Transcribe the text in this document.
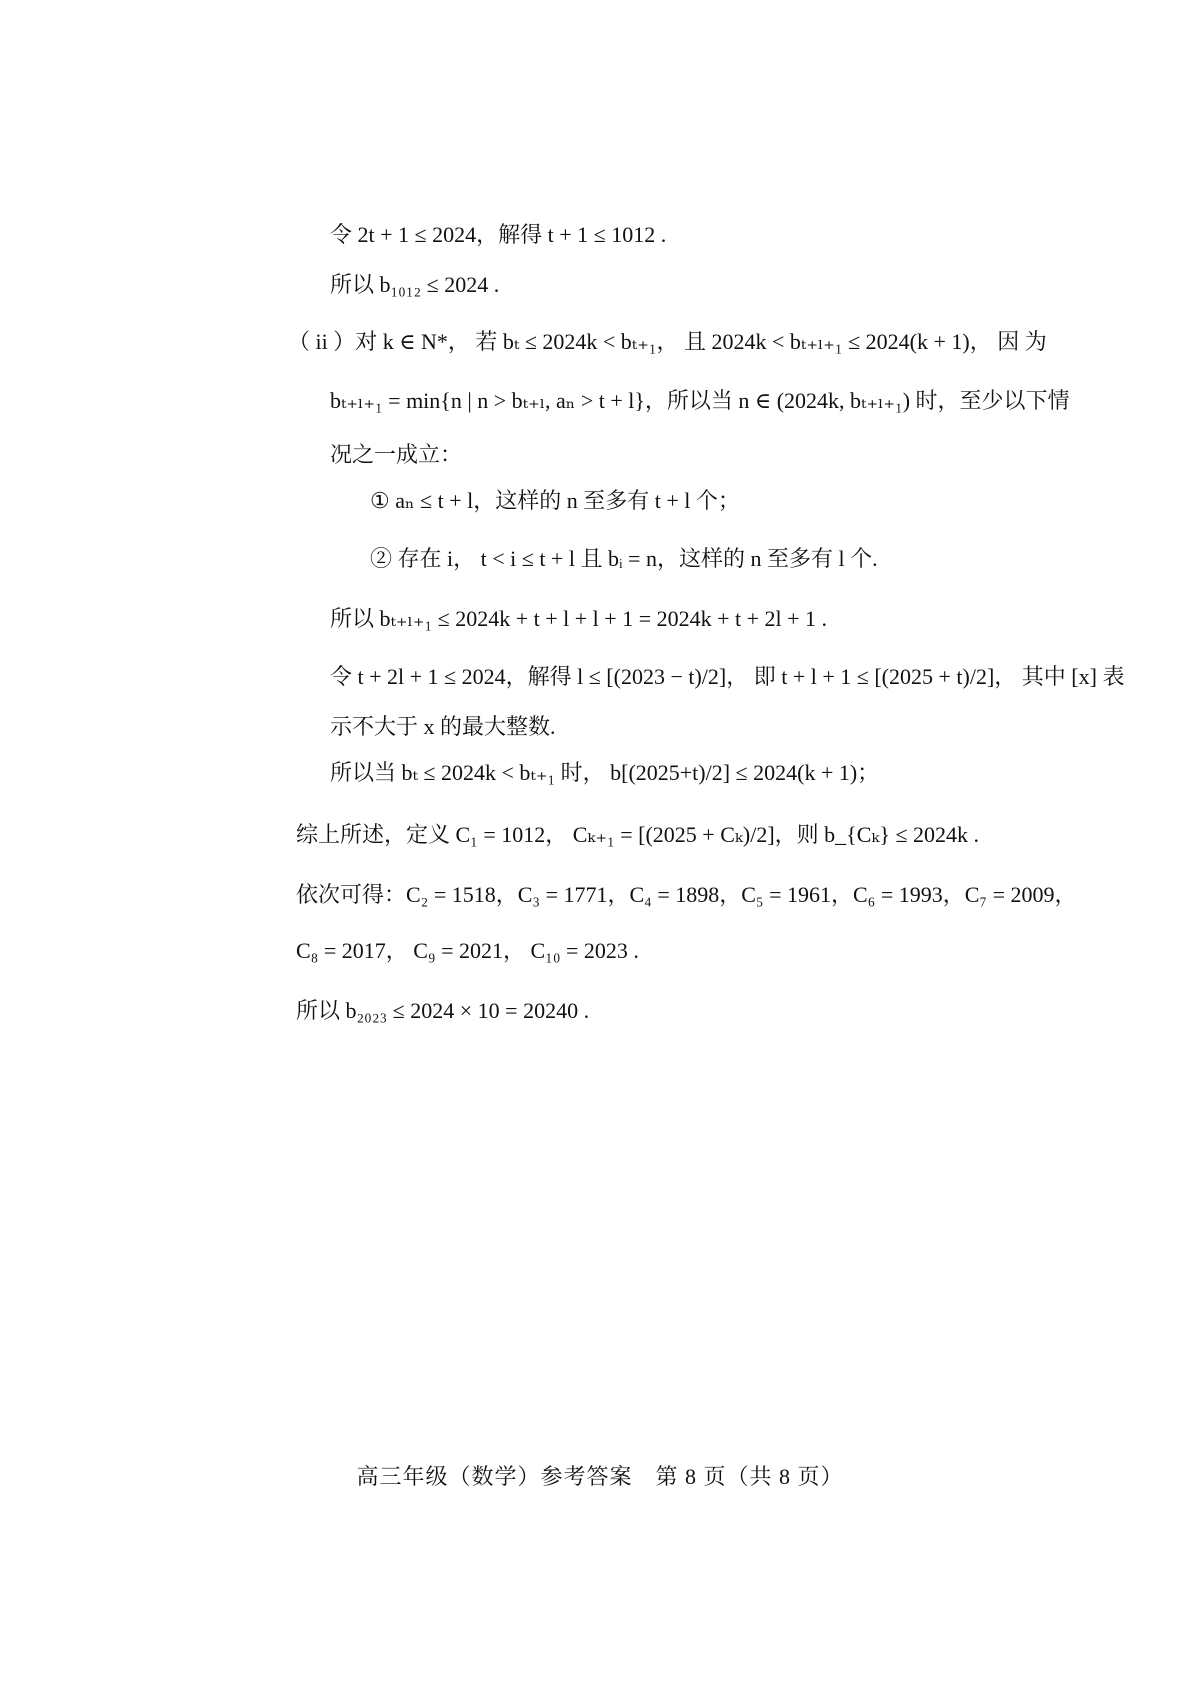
令 2t + 1 ≤ 2024，解得 t + 1 ≤ 1012 .
所以 b₁₀₁₂ ≤ 2024 .
（ ii ）对 k ∈ N*， 若 bₜ ≤ 2024k < bₜ₊₁， 且 2024k < bₜ₊ₗ₊₁ ≤ 2024(k + 1)， 因 为
bₜ₊ₗ₊₁ = min{n | n > bₜ₊ₗ, aₙ > t + l}，所以当 n ∈ (2024k, bₜ₊ₗ₊₁) 时，至少以下情
况之一成立：
① aₙ ≤ t + l，这样的 n 至多有 t + l 个；
② 存在 i， t < i ≤ t + l 且 bᵢ = n，这样的 n 至多有 l 个.
所以 bₜ₊ₗ₊₁ ≤ 2024k + t + l + l + 1 = 2024k + t + 2l + 1 .
令 t + 2l + 1 ≤ 2024，解得 l ≤ [(2023 − t)/2]， 即 t + l + 1 ≤ [(2025 + t)/2]， 其中 [x] 表
示不大于 x 的最大整数.
所以当 bₜ ≤ 2024k < bₜ₊₁ 时， b[(2025+t)/2] ≤ 2024(k + 1)；
综上所述，定义 C₁ = 1012， Cₖ₊₁ = [(2025 + Cₖ)/2]，则 b_{Cₖ} ≤ 2024k .
依次可得：C₂ = 1518，C₃ = 1771，C₄ = 1898，C₅ = 1961，C₆ = 1993，C₇ = 2009，
C₈ = 2017， C₉ = 2021， C₁₀ = 2023 .
所以 b₂₀₂₃ ≤ 2024 × 10 = 20240 .
高三年级（数学）参考答案　第 8 页（共 8 页）
